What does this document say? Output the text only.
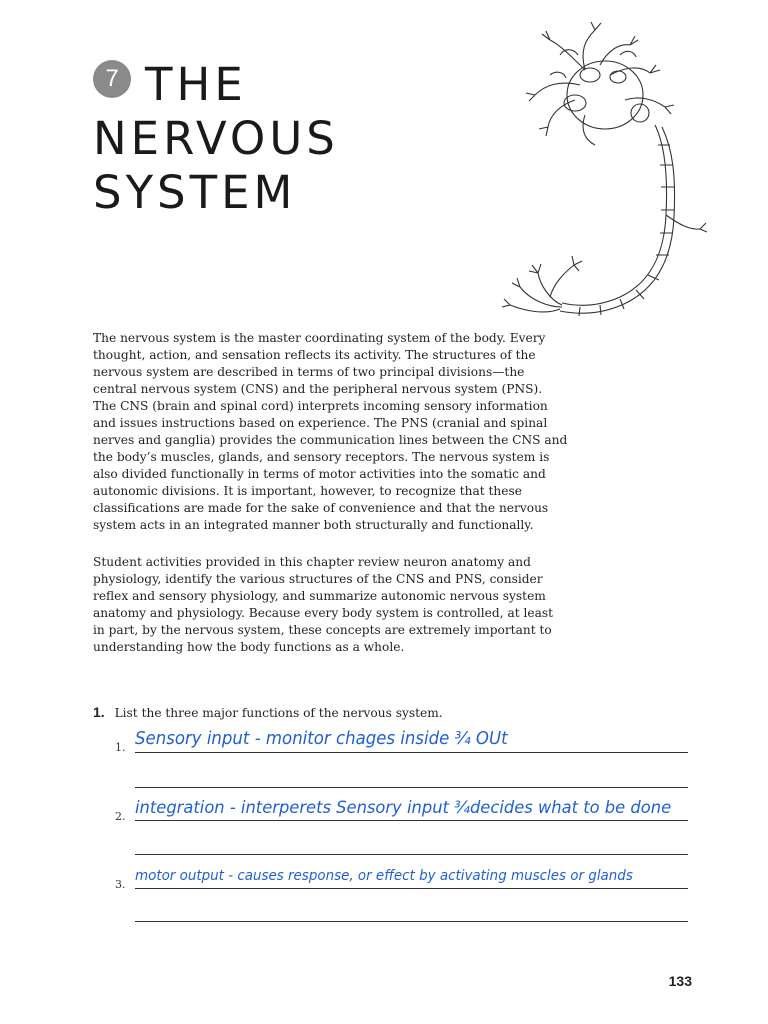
7 THE NERVOUS SYSTEM

The nervous system is the master coordinating system of the body. Every thought, action, and sensation reflects its activity. The structures of the nervous system are described in terms of two principal divisions—the central nervous system (CNS) and the peripheral nervous system (PNS). The CNS (brain and spinal cord) interprets incoming sensory information and issues instructions based on experience. The PNS (cranial and spinal nerves and ganglia) provides the communication lines between the CNS and the body’s muscles, glands, and sensory receptors. The nervous system is also divided functionally in terms of motor activities into the somatic and autonomic divisions. It is important, however, to recognize that these classifications are made for the sake of convenience and that the nervous system acts in an integrated manner both structurally and functionally.

Student activities provided in this chapter review neuron anatomy and physiology, identify the various structures of the CNS and PNS, consider reflex and sensory physiology, and summarize autonomic nervous system anatomy and physiology. Because every body system is controlled, at least in part, by the nervous system, these concepts are extremely important to understanding how the body functions as a whole.

1. List the three major functions of the nervous system.
1. Sensory input - monitor chages inside ¾ OUt
2. integration - interperets Sensory input ¾decides what to be done
3.
motor output - causes response, or effect by activating muscles or glands
133
